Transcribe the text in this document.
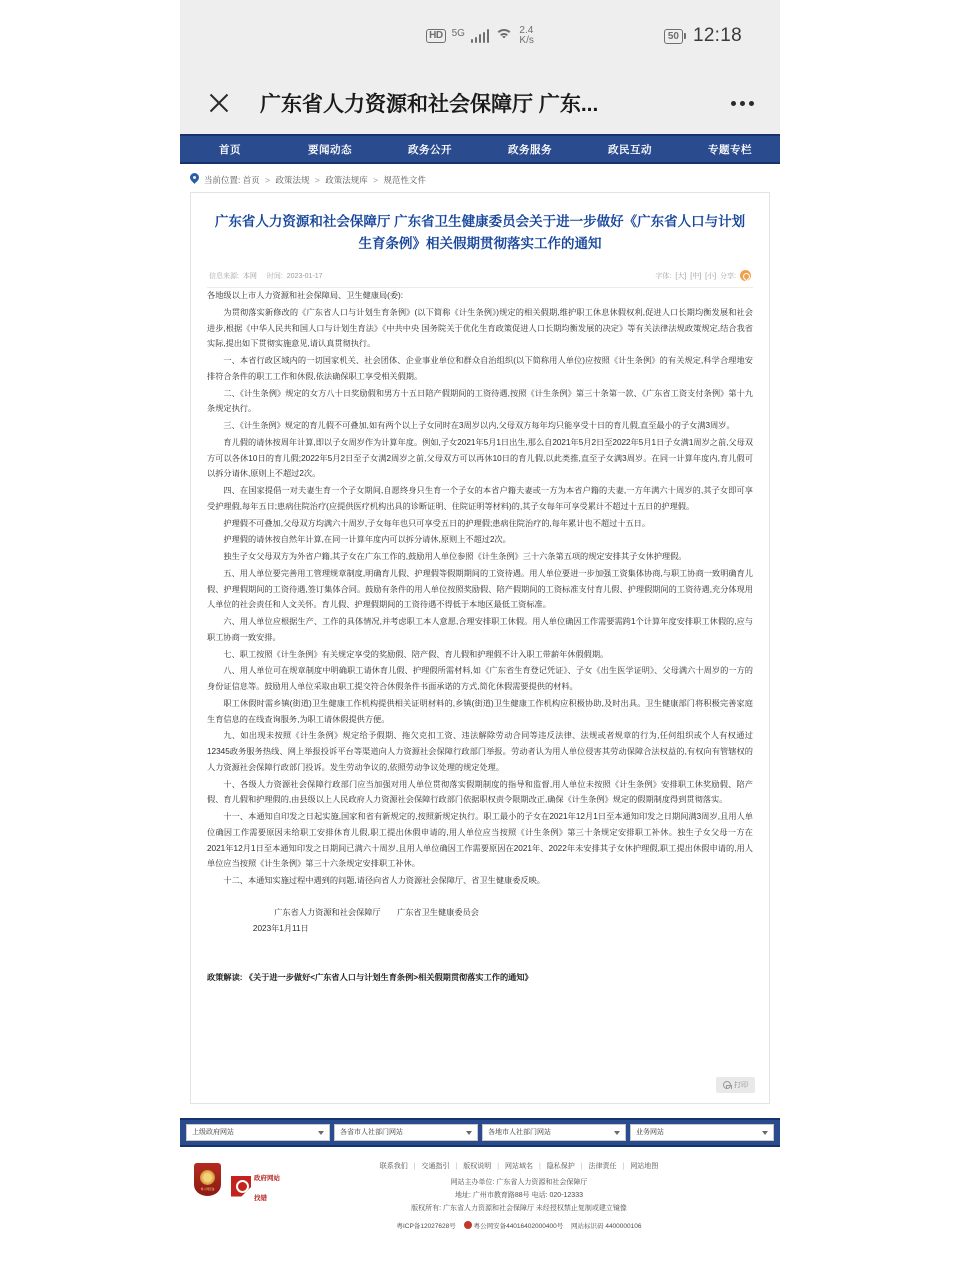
HD 5G	2.4
K/s	50 12:18
广东省人力资源和社会保障厅 广东...
首页	要闻动态	政务公开	政务服务	政民互动	专题专栏
当前位置: 首页 > 政策法规 > 政策法规库 > 规范性文件
广东省人力资源和社会保障厅 广东省卫生健康委员会关于进一步做好《广东省人口与计划生育条例》相关假期贯彻落实工作的通知
信息来源: 本网 时间: 2023-01-17	字体: [大] [中] [小] 分享:

各地级以上市人力资源和社会保障局、卫生健康局(委):

为贯彻落实新修改的《广东省人口与计划生育条例》(以下简称《计生条例》)规定的相关假期,维护职工休息休假权利,促进人口长期均衡发展和社会进步,根据《中华人民共和国人口与计划生育法》《中共中央 国务院关于优化生育政策促进人口长期均衡发展的决定》等有关法律法规政策规定,结合我省实际,提出如下贯彻实施意见,请认真贯彻执行。

一、本省行政区域内的一切国家机关、社会团体、企业事业单位和群众自治组织(以下简称用人单位)应按照《计生条例》的有关规定,科学合理地安排符合条件的职工工作和休假,依法确保职工享受相关假期。

二、《计生条例》规定的女方八十日奖励假和男方十五日陪产假期间的工资待遇,按照《计生条例》第三十条第一款、《广东省工资支付条例》第十九条规定执行。

三、《计生条例》规定的育儿假不可叠加,如有两个以上子女同时在3周岁以内,父母双方每年均只能享受十日的育儿假,直至最小的子女满3周岁。

育儿假的请休按周年计算,即以子女周岁作为计算年度。例如,子女2021年5月1日出生,那么自2021年5月2日至2022年5月1日子女满1周岁之前,父母双方可以各休10日的育儿假;2022年5月2日至子女满2周岁之前,父母双方可以再休10日的育儿假,以此类推,直至子女满3周岁。在同一计算年度内,育儿假可以拆分请休,原则上不超过2次。

四、在国家提倡一对夫妻生育一个子女期间,自愿终身只生育一个子女的本省户籍夫妻或一方为本省户籍的夫妻,一方年满六十周岁的,其子女即可享受护理假,每年五日;患病住院治疗(应提供医疗机构出具的诊断证明、住院证明等材料)的,其子女每年可享受累计不超过十五日的护理假。

护理假不可叠加,父母双方均满六十周岁,子女每年也只可享受五日的护理假;患病住院治疗的,每年累计也不超过十五日。

护理假的请休按自然年计算,在同一计算年度内可以拆分请休,原则上不超过2次。

独生子女父母双方为外省户籍,其子女在广东工作的,鼓励用人单位参照《计生条例》三十六条第五项的规定安排其子女休护理假。

五、用人单位要完善用工管理规章制度,明确育儿假、护理假等假期期间的工资待遇。用人单位要进一步加强工资集体协商,与职工协商一致明确育儿假、护理假期间的工资待遇,签订集体合同。鼓励有条件的用人单位按照奖励假、陪产假期间的工资标准支付育儿假、护理假期间的工资待遇,充分体现用人单位的社会责任和人文关怀。育儿假、护理假期间的工资待遇不得低于本地区最低工资标准。

六、用人单位应根据生产、工作的具体情况,并考虑职工本人意愿,合理安排职工休假。用人单位确因工作需要需跨1个计算年度安排职工休假的,应与职工协商一致安排。

七、职工按照《计生条例》有关规定享受的奖励假、陪产假、育儿假和护理假不计入职工带薪年休假假期。

八、用人单位可在规章制度中明确职工请休育儿假、护理假所需材料,如《广东省生育登记凭证》、子女《出生医学证明》、父母满六十周岁的一方的身份证信息等。鼓励用人单位采取由职工提交符合休假条件书面承诺的方式,简化休假需要提供的材料。

职工休假时需乡镇(街道)卫生健康工作机构提供相关证明材料的,乡镇(街道)卫生健康工作机构应积极协助,及时出具。卫生健康部门将积极完善家庭生育信息的在线查询服务,为职工请休假提供方便。

九、如出现未按照《计生条例》规定给予假期、拖欠克扣工资、违法解除劳动合同等违反法律、法规或者规章的行为,任何组织或个人有权通过12345政务服务热线、网上举报投诉平台等渠道向人力资源社会保障行政部门举报。劳动者认为用人单位侵害其劳动保障合法权益的,有权向有管辖权的人力资源社会保障行政部门投诉。发生劳动争议的,依照劳动争议处理的规定处理。

十、各级人力资源社会保障行政部门应当加强对用人单位贯彻落实假期制度的指导和监督,用人单位未按照《计生条例》安排职工休奖励假、陪产假、育儿假和护理假的,由县级以上人民政府人力资源社会保障行政部门依据职权责令限期改正,确保《计生条例》规定的假期制度得到贯彻落实。

十一、本通知自印发之日起实施,国家和省有新规定的,按照新规定执行。职工最小的子女在2021年12月1日至本通知印发之日期间满3周岁,且用人单位确因工作需要原因未给职工安排休育儿假,职工提出休假申请的,用人单位应当按照《计生条例》第三十条规定安排职工补休。独生子女父母一方在2021年12月1日至本通知印发之日期间已满六十周岁,且用人单位确因工作需要原因在2021年、2022年未安排其子女休护理假,职工提出休假申请的,用人单位应当按照《计生条例》第三十六条规定安排职工补休。

十二、本通知实施过程中遇到的问题,请径向省人力资源社会保障厅、省卫生健康委反映。

广东省人力资源和社会保障厅　　广东省卫生健康委员会

2023年1月11日

政策解读: 《关于进一步做好<广东省人口与计划生育条例>相关假期贯彻落实工作的通知》
打印
上级政府网站	各省市人社部门网站	各地市人社部门网站	业务网站
粤公网安备
政府网站
找错
联系我们 | 交通指引 | 版权说明 | 网站域名 | 隐私保护 | 法律责任 | 网站地图
网站主办单位: 广东省人力资源和社会保障厅
地址: 广州市教育路88号 电话: 020-12333
版权所有: 广东省人力资源和社会保障厅 未经授权禁止复制或建立镜像
粤ICP备12027628号	粤公网安备44016402000400号 网站标识码 4400000106
